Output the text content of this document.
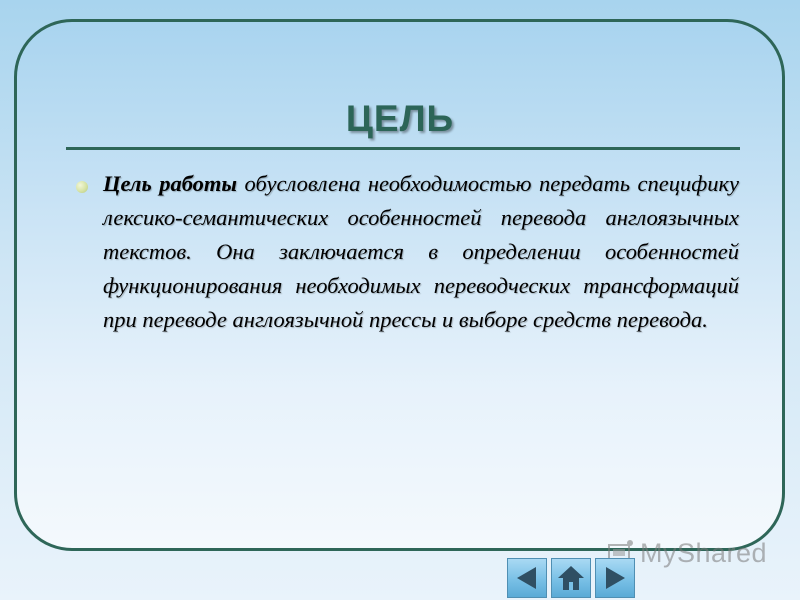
ЦЕЛЬ
Цель работы обусловлена необходимостью передать специфику лексико-семантических особенностей перевода англоязычных текстов. Она заключается в определении особенностей функционирования необходимых переводческих трансформаций при переводе англоязычной прессы и выборе средств перевода.
MyShared
